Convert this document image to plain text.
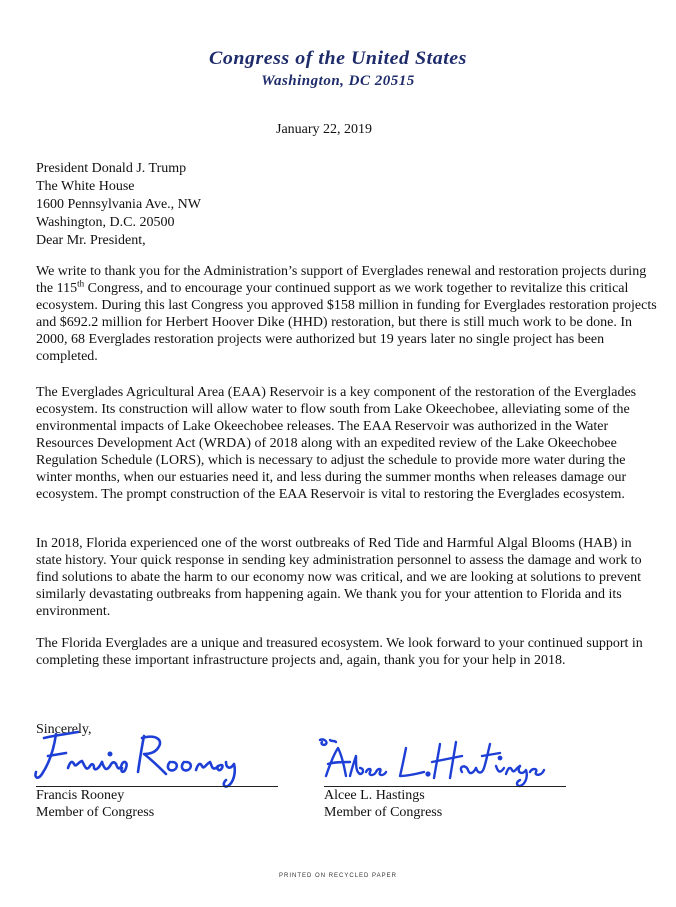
Congress of the United States
Washington, DC 20515
January 22, 2019
President Donald J. Trump
The White House
1600 Pennsylvania Ave., NW
Washington, D.C. 20500
Dear Mr. President,

We write to thank you for the Administration’s support of Everglades renewal and restoration projects during the 115th Congress, and to encourage your continued support as we work together to revitalize this critical ecosystem. During this last Congress you approved $158 million in funding for Everglades restoration projects and $692.2 million for Herbert Hoover Dike (HHD) restoration, but there is still much work to be done. In 2000, 68 Everglades restoration projects were authorized but 19 years later no single project has been completed.

The Everglades Agricultural Area (EAA) Reservoir is a key component of the restoration of the Everglades ecosystem. Its construction will allow water to flow south from Lake Okeechobee, alleviating some of the environmental impacts of Lake Okeechobee releases. The EAA Reservoir was authorized in the Water Resources Development Act (WRDA) of 2018 along with an expedited review of the Lake Okeechobee Regulation Schedule (LORS), which is necessary to adjust the schedule to provide more water during the winter months, when our estuaries need it, and less during the summer months when releases damage our ecosystem. The prompt construction of the EAA Reservoir is vital to restoring the Everglades ecosystem.

In 2018, Florida experienced one of the worst outbreaks of Red Tide and Harmful Algal Blooms (HAB) in state history. Your quick response in sending key administration personnel to assess the damage and work to find solutions to abate the harm to our economy now was critical, and we are looking at solutions to prevent similarly devastating outbreaks from happening again. We thank you for your attention to Florida and its environment.

The Florida Everglades are a unique and treasured ecosystem. We look forward to your continued support in completing these important infrastructure projects and, again, thank you for your help in 2018.

Sincerely,
Francis Rooney
Member of Congress
Alcee L. Hastings
Member of Congress
PRINTED ON RECYCLED PAPER
